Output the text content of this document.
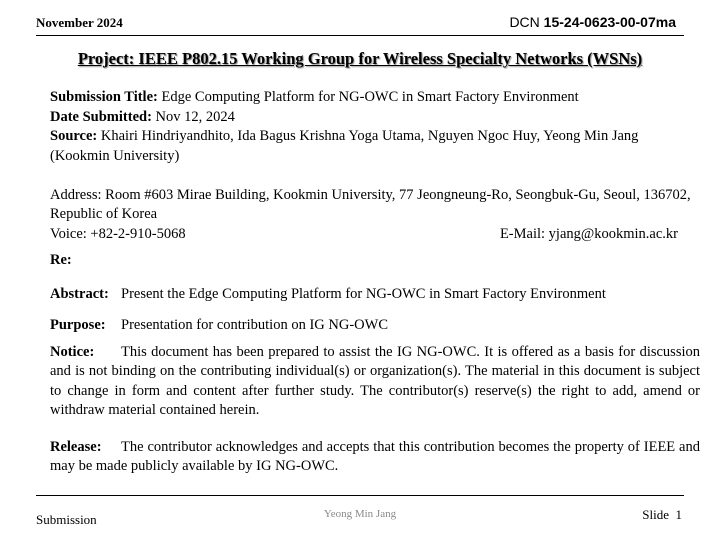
November 2024	DCN 15-24-0623-00-07ma
Project: IEEE P802.15 Working Group for Wireless Specialty Networks (WSNs)

Submission Title: Edge Computing Platform for NG-OWC in Smart Factory Environment

Date Submitted: Nov 12, 2024

Source: Khairi Hindriyandhito, Ida Bagus Krishna Yoga Utama, Nguyen Ngoc Huy, Yeong Min Jang (Kookmin University)

Address: Room #603 Mirae Building, Kookmin University, 77 Jeongneung-Ro, Seongbuk-Gu, Seoul, 136702, Republic of Korea

Voice: +82-2-910-5068	E-Mail: yjang@kookmin.ac.kr

Re:

Abstract: Present the Edge Computing Platform for NG-OWC in Smart Factory Environment
Purpose:	Presentation for contribution on IG NG-OWC

Notice: This document has been prepared to assist the IG NG-OWC. It is offered as a basis for discussion and is not binding on the contributing individual(s) or organization(s). The material in this document is subject to change in form and content after further study. The contributor(s) reserve(s) the right to add, amend or withdraw material contained herein.

Release: The contributor acknowledges and accepts that this contribution becomes the property of IEEE and may be made publicly available by IG NG-OWC.

Submission	Yeong Min Jang	Slide 1
